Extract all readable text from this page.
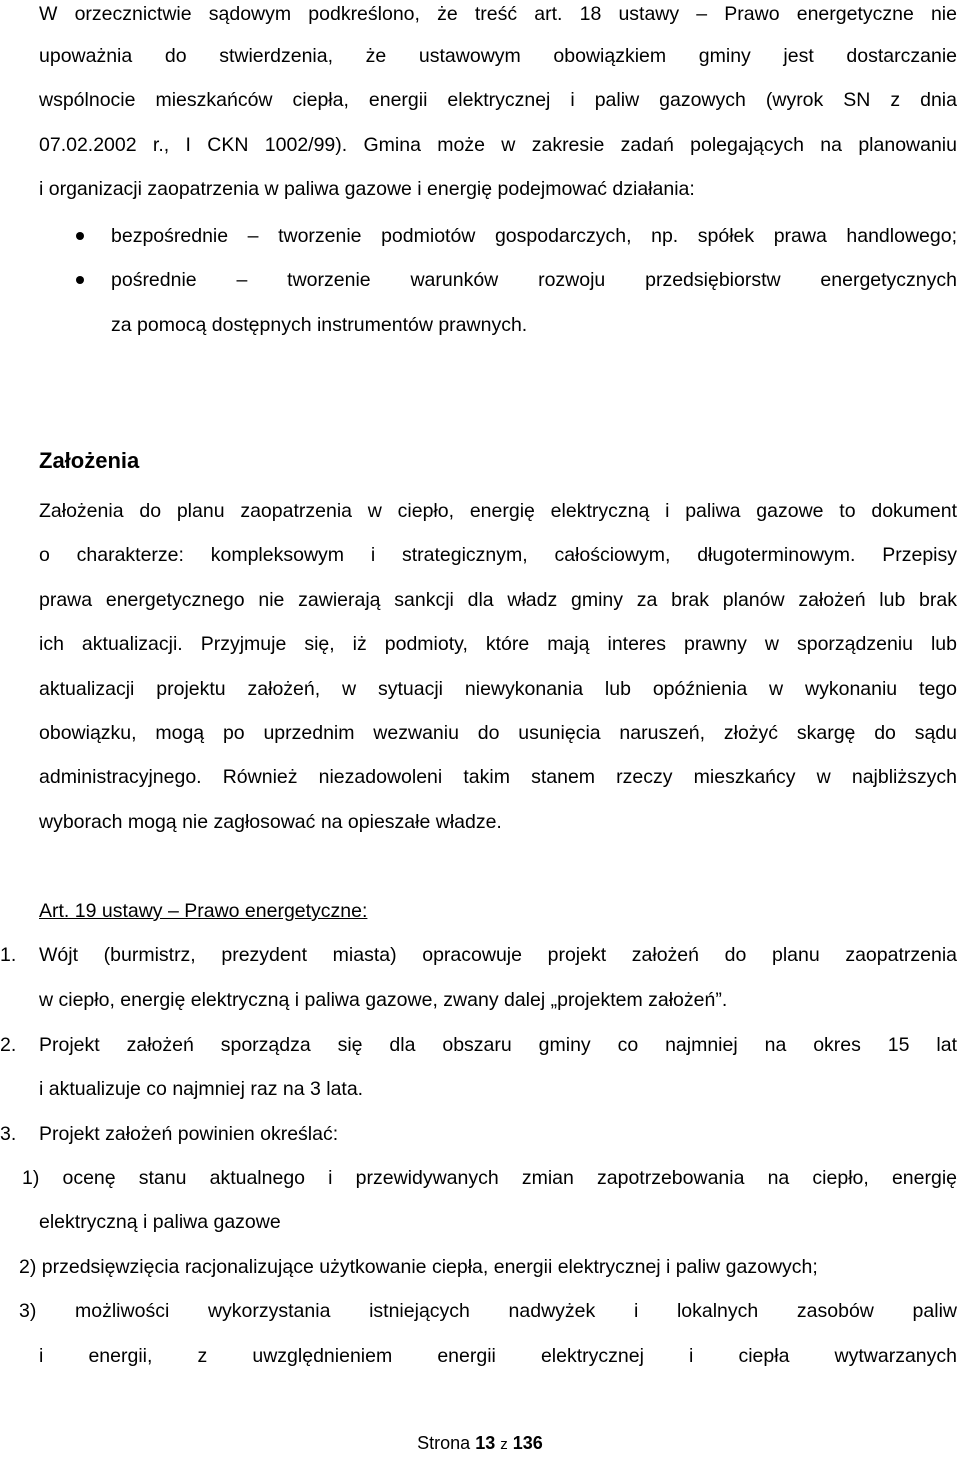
W orzecznictwie sądowym podkreślono, że treść art. 18 ustawy – Prawo energetyczne nie
upoważnia do stwierdzenia, że ustawowym obowiązkiem gminy jest dostarczanie
wspólnocie mieszkańców ciepła, energii elektrycznej i paliw gazowych (wyrok SN z dnia
07.02.2002 r., I CKN 1002/99). Gmina może w zakresie zadań polegających na planowaniu
i organizacji zaopatrzenia w paliwa gazowe i energię podejmować działania:
bezpośrednie – tworzenie podmiotów gospodarczych, np. spółek prawa handlowego;
pośrednie – tworzenie warunków rozwoju przedsiębiorstw energetycznych
za pomocą dostępnych instrumentów prawnych.
Założenia
Założenia do planu zaopatrzenia w ciepło, energię elektryczną i paliwa gazowe to dokument
o charakterze: kompleksowym i strategicznym, całościowym, długoterminowym. Przepisy
prawa energetycznego nie zawierają sankcji dla władz gminy za brak planów założeń lub brak
ich aktualizacji. Przyjmuje się, iż podmioty, które mają interes prawny w sporządzeniu lub
aktualizacji projektu założeń, w sytuacji niewykonania lub opóźnienia w wykonaniu tego
obowiązku, mogą po uprzednim wezwaniu do usunięcia naruszeń, złożyć skargę do sądu
administracyjnego. Również niezadowoleni takim stanem rzeczy mieszkańcy w najbliższych
wyborach mogą nie zagłosować na opieszałe władze.
Art. 19 ustawy – Prawo energetyczne:
1. Wójt (burmistrz, prezydent miasta) opracowuje projekt założeń do planu zaopatrzenia
w ciepło, energię elektryczną i paliwa gazowe, zwany dalej „projektem założeń”.
2. Projekt założeń sporządza się dla obszaru gminy co najmniej na okres 15 lat
i aktualizuje co najmniej raz na 3 lata.
3. Projekt założeń powinien określać:
1) ocenę stanu aktualnego i przewidywanych zmian zapotrzebowania na ciepło, energię
elektryczną i paliwa gazowe
2) przedsięwzięcia racjonalizujące użytkowanie ciepła, energii elektrycznej i paliw gazowych;
3) możliwości wykorzystania istniejących nadwyżek i lokalnych zasobów paliw
i energii, z uwzględnieniem energii elektrycznej i ciepła wytwarzanych
Strona 13 z 136
